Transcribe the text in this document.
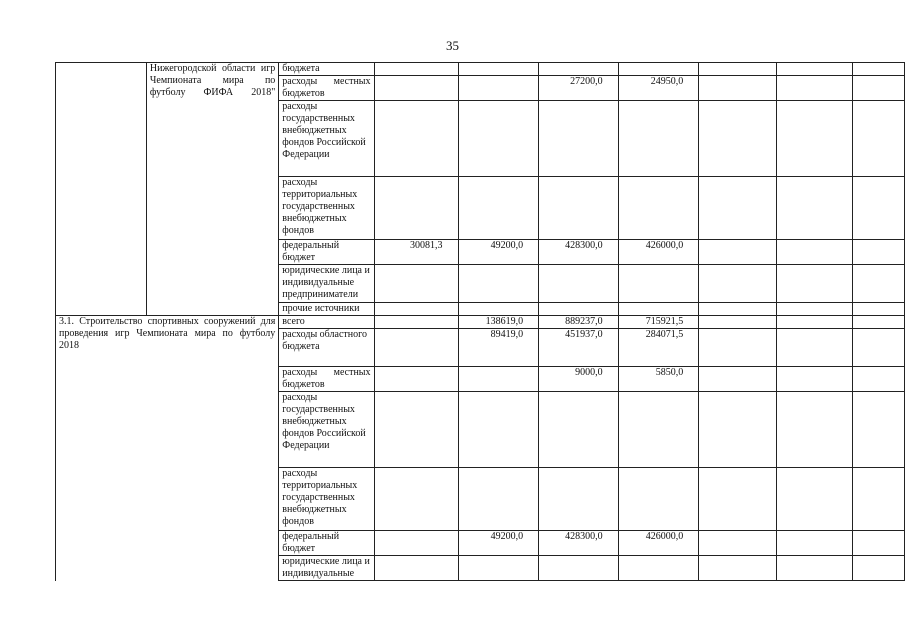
35
	Нижегородской области игр Чемпионата мира по футболу ФИФА 2018"	бюджета							
		расходы местных бюджетов			27200,0	24950,0			
		расходы государственных внебюджетных фондов Российской Федерации							
		расходы территориальных государственных внебюджетных фондов							
		федеральный бюджет	30081,3	49200,0	428300,0	426000,0			
		юридические лица и индивидуальные предприниматели							
		прочие источники							
3.1. Строительство спортивных сооружений для проведения игр Чемпионата мира по футболу 2018		всего		138619,0	889237,0	715921,5			
		расходы областного бюджета		89419,0	451937,0	284071,5			
		расходы местных бюджетов			9000,0	5850,0			
		расходы государственных внебюджетных фондов Российской Федерации							
		расходы территориальных государственных внебюджетных фондов							
		федеральный бюджет		49200,0	428300,0	426000,0			
		юридические лица и индивидуальные							
